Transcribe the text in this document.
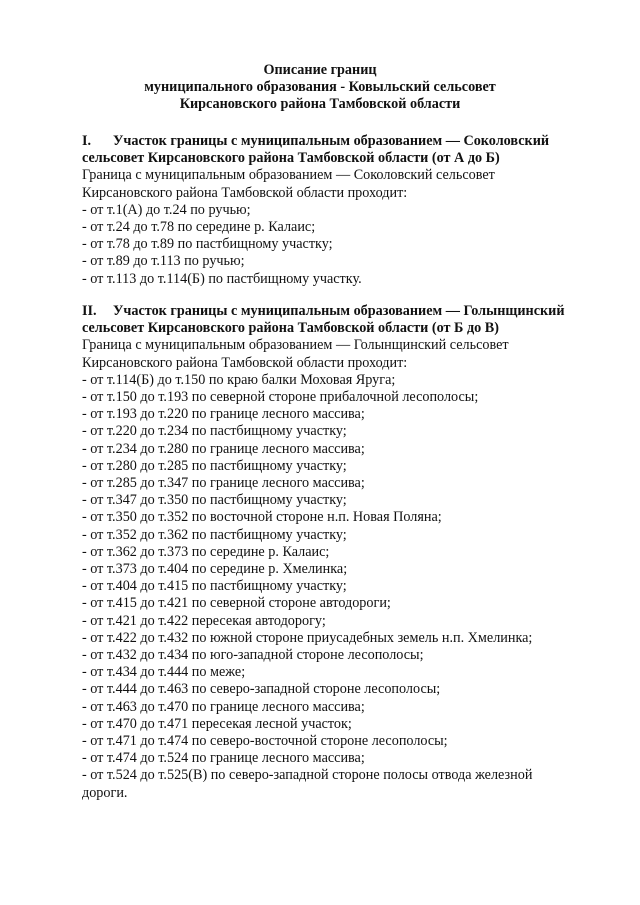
Описание границ
муниципального образования - Ковыльский сельсовет
Кирсановского района Тамбовской области
I. Участок границы с муниципальным образованием — Соколовский
сельсовет Кирсановского района Тамбовской области (от А до Б)
Граница с муниципальным образованием — Соколовский сельсовет
Кирсановского района Тамбовской области проходит:
- от т.1(А) до т.24 по ручью;
- от т.24 до т.78 по середине р. Калаис;
- от т.78 до т.89 по пастбищному участку;
- от т.89 до т.113 по ручью;
- от т.113 до т.114(Б) по пастбищному участку.
II. Участок границы с муниципальным образованием — Голынщинский
сельсовет Кирсановского района Тамбовской области (от Б до В)
Граница с муниципальным образованием — Голынщинский сельсовет
Кирсановского района Тамбовской области проходит:
- от т.114(Б) до т.150 по краю балки Моховая Яруга;
- от т.150 до т.193 по северной стороне прибалочной лесополосы;
- от т.193 до т.220 по границе лесного массива;
- от т.220 до т.234 по пастбищному участку;
- от т.234 до т.280 по границе лесного массива;
- от т.280 до т.285 по пастбищному участку;
- от т.285 до т.347 по границе лесного массива;
- от т.347 до т.350 по пастбищному участку;
- от т.350 до т.352 по восточной стороне н.п. Новая Поляна;
- от т.352 до т.362 по пастбищному участку;
- от т.362 до т.373 по середине р. Калаис;
- от т.373 до т.404 по середине р. Хмелинка;
- от т.404 до т.415 по пастбищному участку;
- от т.415 до т.421 по северной стороне автодороги;
- от т.421 до т.422 пересекая автодорогу;
- от т.422 до т.432 по южной стороне приусадебных земель н.п. Хмелинка;
- от т.432 до т.434 по юго-западной стороне лесополосы;
- от т.434 до т.444 по меже;
- от т.444 до т.463 по северо-западной стороне лесополосы;
- от т.463 до т.470 по границе лесного массива;
- от т.470 до т.471 пересекая лесной участок;
- от т.471 до т.474 по северо-восточной стороне лесополосы;
- от т.474 до т.524 по границе лесного массива;
- от т.524 до т.525(В) по северо-западной стороне полосы отвода железной дороги.
